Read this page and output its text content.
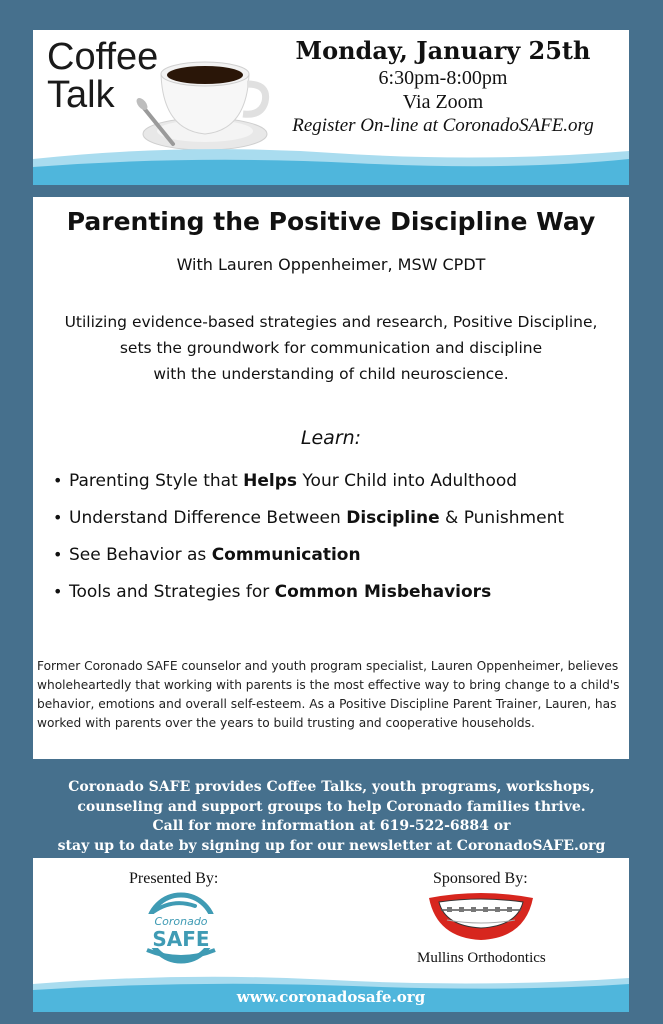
Coffee
Talk
Monday, January 25th
6:30pm-8:00pm
Via Zoom
Register On-line at CoronadoSAFE.org
Parenting the Positive Discipline Way
With Lauren Oppenheimer, MSW CPDT
Utilizing evidence-based strategies and research, Positive Discipline,
sets the groundwork for communication and discipline
with the understanding of child neuroscience.
Learn:
• Parenting Style that Helps Your Child into Adulthood
• Understand Difference Between Discipline & Punishment
• See Behavior as Communication
• Tools and Strategies for Common Misbehaviors
Former Coronado SAFE counselor and youth program specialist, Lauren Oppenheimer, believes wholeheartedly that working with parents is the most effective way to bring change to a child's behavior, emotions and overall self-esteem. As a Positive Discipline Parent Trainer, Lauren, has worked with parents over the years to build trusting and cooperative households.
Coronado SAFE provides Coffee Talks, youth programs, workshops,
counseling and support groups to help Coronado families thrive.
Call for more information at 619-522-6884 or
stay up to date by signing up for our newsletter at CoronadoSAFE.org
Presented By:
Coronado
SAFE
Sponsored By:
Mullins Orthodontics
www.coronadosafe.org
